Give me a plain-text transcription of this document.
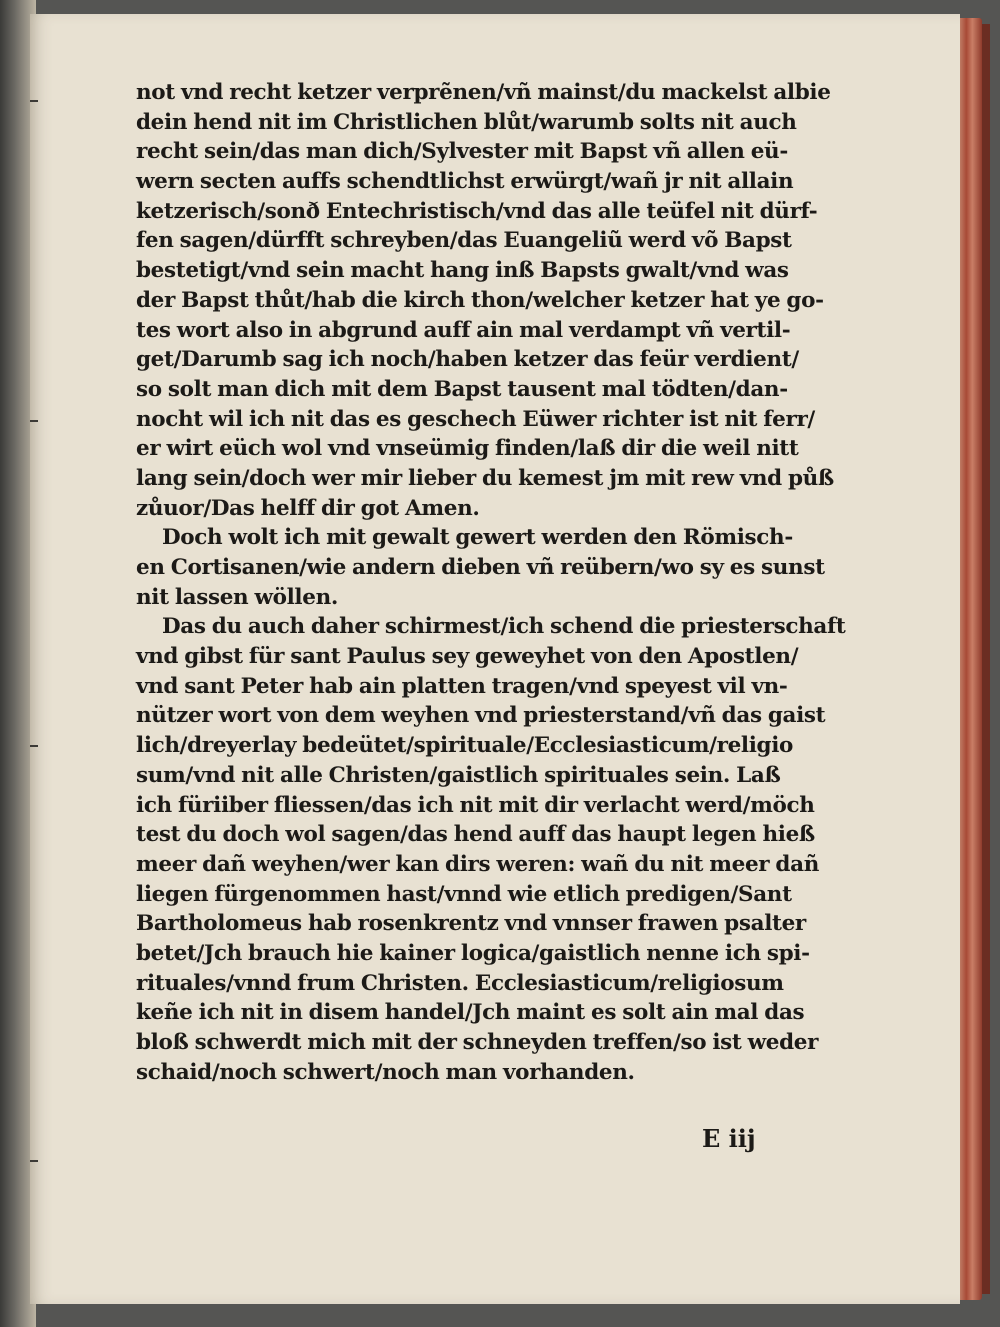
not vnd recht ketzer verprẽnen/vñ mainst/du mackelst albie
dein hend nit im Christlichen blůt/warumb solts nit auch
recht sein/das man dich/Sylvester mit Bapst vñ allen eü-
wern secten auffs schendtlichst erwürgt/wañ jr nit allain
ketzerisch/sonð Entechristisch/vnd das alle teüfel nit dürf-
fen sagen/dürfft schreyben/das Euangeliũ werd võ Bapst
bestetigt/vnd sein macht hang inß Bapsts gwalt/vnd was
der Bapst thůt/hab die kirch thon/welcher ketzer hat ye go-
tes wort also in abgrund auff ain mal verdampt vñ vertil-
get/Darumb sag ich noch/haben ketzer das feür verdient/
so solt man dich mit dem Bapst tausent mal tödten/dan-
nocht wil ich nit das es geschech Eüwer richter ist nit ferr/
er wirt eüch wol vnd vnseümig finden/laß dir die weil nitt
lang sein/doch wer mir lieber du kemest jm mit rew vnd půß
zůuor/Das helff dir got Amen.
Doch wolt ich mit gewalt gewert werden den Römisch-
en Cortisanen/wie andern dieben vñ reübern/wo sy es sunst
nit lassen wöllen.
Das du auch daher schirmest/ich schend die priesterschaft
vnd gibst für sant Paulus sey geweyhet von den Apostlen/
vnd sant Peter hab ain platten tragen/vnd speyest vil vn-
nützer wort von dem weyhen vnd priesterstand/vñ das gaist
lich/dreyerlay bedeütet/spirituale/Ecclesiasticum/religio
sum/vnd nit alle Christen/gaistlich spirituales sein. Laß
ich füriiber fliessen/das ich nit mit dir verlacht werd/möch
test du doch wol sagen/das hend auff das haupt legen hieß
meer dañ weyhen/wer kan dirs weren: wañ du nit meer dañ
liegen fürgenommen hast/vnnd wie etlich predigen/Sant
Bartholomeus hab rosenkrentz vnd vnnser frawen psalter
betet/Jch brauch hie kainer logica/gaistlich nenne ich spi-
rituales/vnnd frum Christen. Ecclesiasticum/religiosum
keñe ich nit in disem handel/Jch maint es solt ain mal das
bloß schwerdt mich mit der schneyden treffen/so ist weder
schaid/noch schwert/noch man vorhanden.
E iij
